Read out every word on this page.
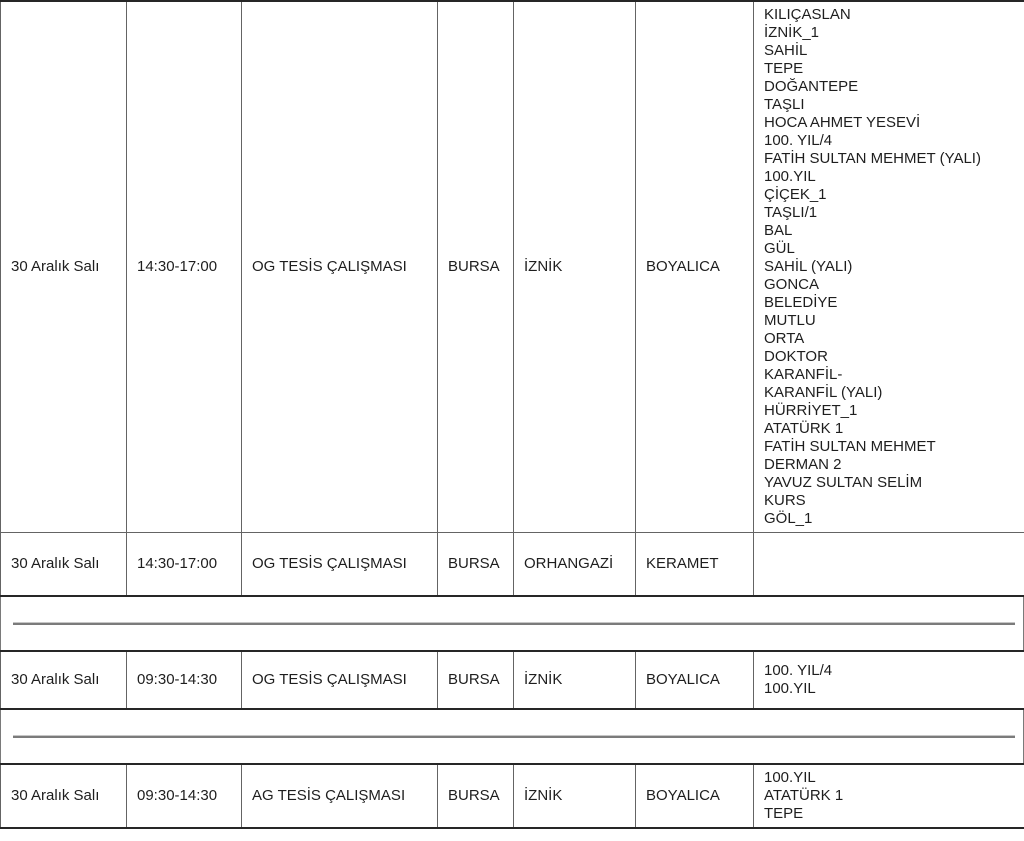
30 Aralık Salı	14:30-17:00	OG TESİS ÇALIŞMASI	BURSA	İZNİK	BOYALICA	
KILIÇASLAN
İZNİK_1
SAHİL
TEPE
DOĞANTEPE
TAŞLI
HOCA AHMET YESEVİ
100. YIL/4
FATİH SULTAN MEHMET (YALI)
100.YIL
ÇİÇEK_1
TAŞLI/1
BAL
GÜL
SAHİL (YALI)
GONCA
BELEDİYE
MUTLU
ORTA
DOKTOR
KARANFİL-
KARANFİL (YALI)
HÜRRİYET_1
ATATÜRK 1
FATİH SULTAN MEHMET
DERMAN 2
YAVUZ SULTAN SELİM
KURS
GÖL_1

30 Aralık Salı	14:30-17:00	OG TESİS ÇALIŞMASI	BURSA	ORHANGAZİ	KERAMET	
30 Aralık Salı	09:30-14:30	OG TESİS ÇALIŞMASI	BURSA	İZNİK	BOYALICA	
100. YIL/4
100.YIL
30 Aralık Salı	09:30-14:30	AG TESİS ÇALIŞMASI	BURSA	İZNİK	BOYALICA	
100.YIL
ATATÜRK 1
TEPE
